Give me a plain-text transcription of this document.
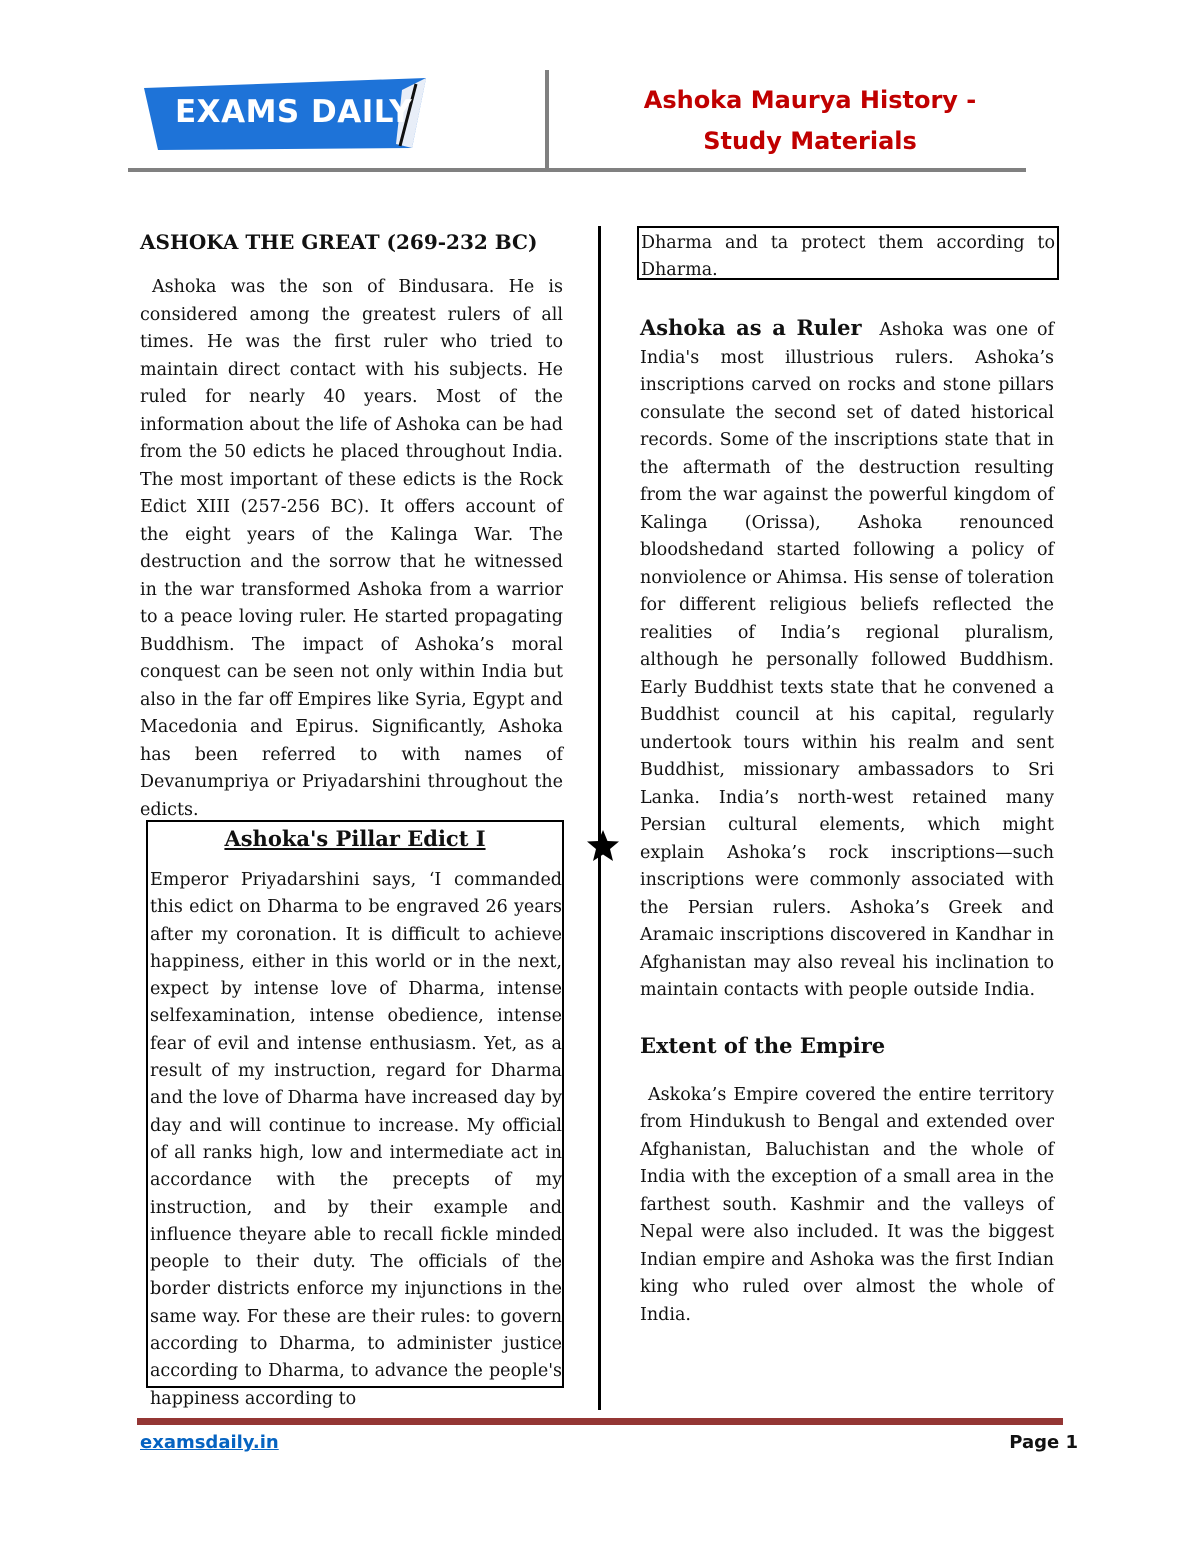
EXAMS DAILY	Ashoka Maurya History -
Study Materials
ASHOKA THE GREAT (269-232 BC)

Ashoka was the son of Bindusara. He is considered among the greatest rulers of all times. He was the first ruler who tried to maintain direct contact with his subjects. He ruled for nearly 40 years. Most of the information about the life of Ashoka can be had from the 50 edicts he placed throughout India. The most important of these edicts is the Rock Edict XIII (257-256 BC). It offers account of the eight years of the Kalinga War. The destruction and the sorrow that he witnessed in the war transformed Ashoka from a warrior to a peace loving ruler. He started propagating Buddhism. The impact of Ashoka’s moral conquest can be seen not only within India but also in the far off Empires like Syria, Egypt and Macedonia and Epirus. Significantly, Ashoka has been referred to with names of Devanumpriya or Priyadarshini throughout the edicts.

Ashoka's Pillar Edict I
Emperor Priyadarshini says, ‘I commanded this edict on Dharma to be engraved 26 years after my coronation. It is difficult to achieve happiness, either in this world or in the next, expect by intense love of Dharma, intense selfexamination, intense obedience, intense fear of evil and intense enthusiasm. Yet, as a result of my instruction, regard for Dharma and the love of Dharma have increased day by day and will continue to increase. My official of all ranks high, low and intermediate act in accordance with the precepts of my instruction, and by their example and influence theyare able to recall fickle minded people to their duty. The officials of the border districts enforce my injunctions in the same way. For these are their rules: to govern according to Dharma, to administer justice according to Dharma, to advance the people's happiness according to
Dharma and ta protect them according to Dharma.

Ashoka as a Ruler Ashoka was one of India's most illustrious rulers. Ashoka’s inscriptions carved on rocks and stone pillars consulate the second set of dated historical records. Some of the inscriptions state that in the aftermath of the destruction resulting from the war against the powerful kingdom of Kalinga (Orissa), Ashoka renounced bloodshedand started following a policy of nonviolence or Ahimsa. His sense of toleration for different religious beliefs reflected the realities of India’s regional pluralism, although he personally followed Buddhism. Early Buddhist texts state that he convened a Buddhist council at his capital, regularly undertook tours within his realm and sent Buddhist, missionary ambassadors to Sri Lanka. India’s north-west retained many Persian cultural elements, which might explain Ashoka’s rock inscriptions—such inscriptions were commonly associated with the Persian rulers. Ashoka’s Greek and Aramaic inscriptions discovered in Kandhar in Afghanistan may also reveal his inclination to maintain contacts with people outside India.

Extent of the Empire

Askoka’s Empire covered the entire territory from Hindukush to Bengal and extended over Afghanistan, Baluchistan and the whole of India with the exception of a small area in the farthest south. Kashmir and the valleys of Nepal were also included. It was the biggest Indian empire and Ashoka was the first Indian king who ruled over almost the whole of India.

examsdaily.in	Page 1
